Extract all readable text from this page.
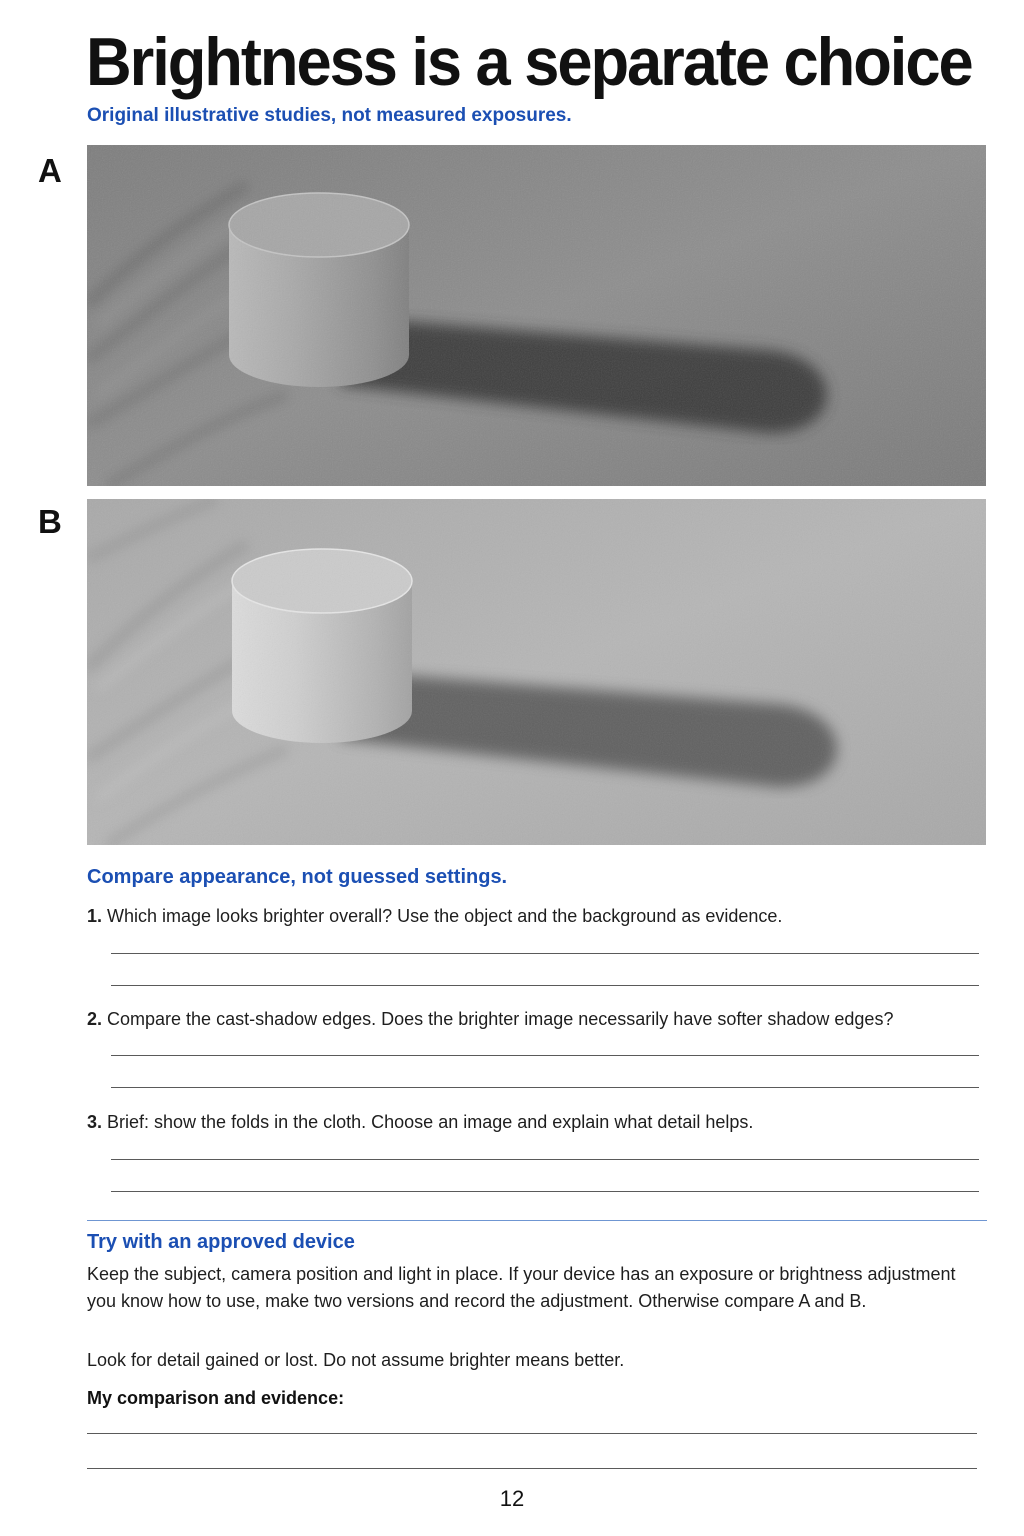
Brightness is a separate choice
Original illustrative studies, not measured exposures.
A
B
Compare appearance, not guessed settings.
1. Which image looks brighter overall? Use the object and the background as evidence.
2. Compare the cast-shadow edges. Does the brighter image necessarily have softer shadow edges?
3. Brief: show the folds in the cloth. Choose an image and explain what detail helps.
Try with an approved device
Keep the subject, camera position and light in place. If your device has an exposure or brightness adjustment you know how to use, make two versions and record the adjustment. Otherwise compare A and B.
Look for detail gained or lost. Do not assume brighter means better.
My comparison and evidence:
12
